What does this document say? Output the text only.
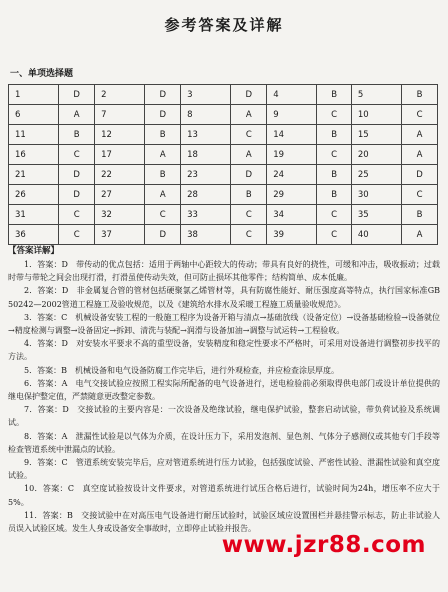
参考答案及详解
一、单项选择题
1	D	2	D	3	D	4	B	5	B
6	A	7	D	8	A	9	C	10	C
11	B	12	B	13	C	14	B	15	A
16	C	17	A	18	A	19	C	20	A
21	D	22	B	23	D	24	B	25	D
26	D	27	A	28	B	29	B	30	C
31	C	32	C	33	C	34	C	35	B
36	C	37	D	38	C	39	C	40	A
【答案详解】

1．答案：D　带传动的优点包括：适用于两轴中心距较大的传动；带具有良好的挠性，可缓和冲击，吸收振动；过载时带与带轮之间会出现打滑，打滑虽使传动失效，但可防止损坏其他零件；结构简单、成本低廉。

2．答案：D　非金属复合管的管材包括硬聚氯乙烯管材等，具有防腐性能好、耐压强度高等特点，执行国家标准GB 50242—2002管道工程施工及验收规范，以及《建筑给水排水及采暖工程施工质量验收规范》。

3．答案：C　机械设备安装工程的一般施工程序为设备开箱与清点→基础放线（设备定位）→设备基础检验→设备就位→精度检测与调整→设备固定→拆卸、清洗与装配→润滑与设备加油→调整与试运转→工程验收。

4．答案：D　对安装水平要求不高的重型设备，安装精度和稳定性要求不严格时，可采用对设备进行调整初步找平的方法。

5．答案：B　机械设备和电气设备防腐工作完毕后，进行外观检查，并应检查涂层厚度。

6．答案：A　电气交接试验应按照工程实际所配备的电气设备进行，送电检验前必须取得供电部门或设计单位提供的继电保护整定值，严禁随意更改整定参数。

7．答案：D　交接试验的主要内容是：一次设备及绝缘试验，继电保护试验，整套启动试验，带负荷试验及系统调试。

8．答案：A　泄漏性试验是以气体为介质，在设计压力下，采用发泡剂、显色剂、气体分子感测仪或其他专门手段等检查管道系统中泄漏点的试验。

9．答案：C　管道系统安装完毕后，应对管道系统进行压力试验，包括强度试验、严密性试验、泄漏性试验和真空度试验。

10．答案：C　真空度试验按设计文件要求，对管道系统进行试压合格后进行，试验时间为24h，增压率不应大于5%。

11．答案：B　交接试验中在对高压电气设备进行耐压试验时，试验区域应设置围栏并悬挂警示标志，防止非试验人员误入试验区域。发生人身或设备安全事故时，立即停止试验并报告。

www.jzr88.com
